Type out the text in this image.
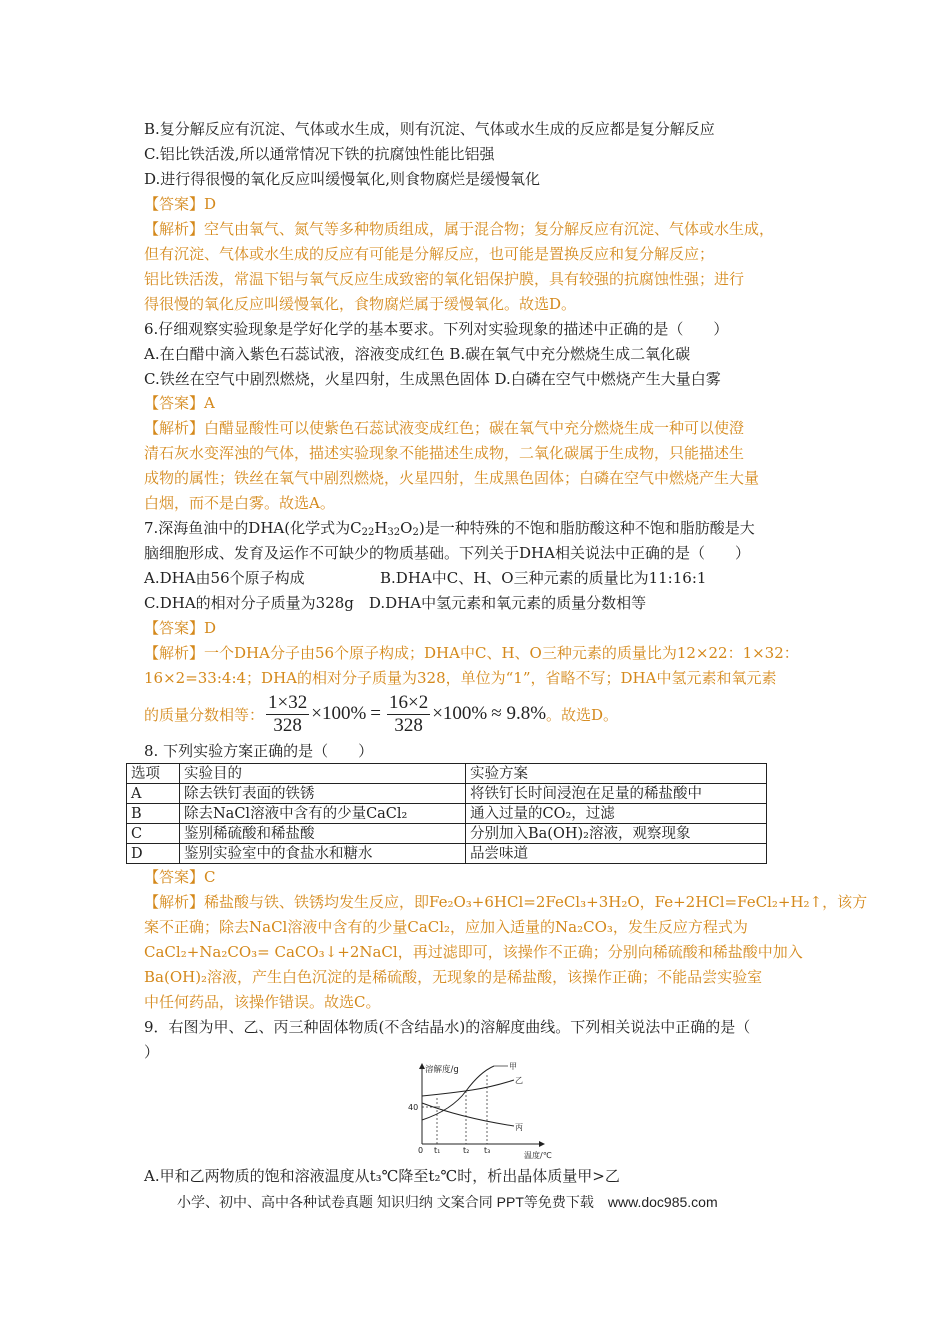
B.复分解反应有沉淀、气体或水生成，则有沉淀、气体或水生成的反应都是复分解反应
C.铝比铁活泼,所以通常情况下铁的抗腐蚀性能比铝强
D.进行得很慢的氧化反应叫缓慢氧化,则食物腐烂是缓慢氧化
【答案】D
【解析】空气由氧气、氮气等多种物质组成，属于混合物；复分解反应有沉淀、气体或水生成，
但有沉淀、气体或水生成的反应有可能是分解反应，也可能是置换反应和复分解反应；
铝比铁活泼，常温下铝与氧气反应生成致密的氧化铝保护膜，具有较强的抗腐蚀性强；进行
得很慢的氧化反应叫缓慢氧化，食物腐烂属于缓慢氧化。故选D。
6.仔细观察实验现象是学好化学的基本要求。下列对实验现象的描述中正确的是（　　）
A.在白醋中滴入紫色石蕊试液，溶液变成红色 B.碳在氧气中充分燃烧生成二氧化碳
C.铁丝在空气中剧烈燃烧，火星四射，生成黑色固体 D.白磷在空气中燃烧产生大量白雾
【答案】A
【解析】白醋显酸性可以使紫色石蕊试液变成红色；碳在氧气中充分燃烧生成一种可以使澄
清石灰水变浑浊的气体，描述实验现象不能描述生成物，二氧化碳属于生成物，只能描述生
成物的属性；铁丝在氧气中剧烈燃烧，火星四射，生成黑色固体；白磷在空气中燃烧产生大量
白烟，而不是白雾。故选A。
7.深海鱼油中的DHA(化学式为$C_{22}H_{32}O_2$)是一种特殊的不饱和脂肪酸这种不饱和脂肪酸是大
脑细胞形成、发育及运作不可缺少的物质基础。下列关于DHA相关说法中正确的是（　　）
A.DHA由56个原子构成	B.DHA中C、H、O三种元素的质量比为11:16:1
C.DHA的相对分子质量为328g　D.DHA中氢元素和氧元素的质量分数相等
【答案】D
【解析】一个DHA分子由56个原子构成；DHA中C、H、O三种元素的质量比为12×22：1×32：
16×2=33:4:4；DHA的相对分子质量为328，单位为“1”，省略不写；DHA中氢元素和氧元素
的质量分数相等： $\frac{1\times 32}{328} \times 100\% = \frac{16\times 2}{328} \times 100\% \approx 9.8\%$ 。故选D。
8. 下列实验方案正确的是（　　）
选项	实验目的	实验方案
A	除去铁钉表面的铁锈	将铁钉长时间浸泡在足量的稀盐酸中
B	除去NaCl溶液中含有的少量CaCl₂	通入过量的CO₂，过滤
C	鉴别稀硫酸和稀盐酸	分别加入Ba(OH)₂溶液，观察现象
D	鉴别实验室中的食盐水和糖水	品尝味道
【答案】C
【解析】稀盐酸与铁、铁锈均发生反应，即Fe₂O₃+6HCl=2FeCl₃+3H₂O，Fe+2HCl=FeCl₂+H₂↑，该方
案不正确；除去NaCl溶液中含有的少量CaCl₂，应加入适量的Na₂CO₃，发生反应方程式为
CaCl₂+Na₂CO₃= CaCO₃↓+2NaCl，再过滤即可，该操作不正确；分别向稀硫酸和稀盐酸中加入
Ba(OH)₂溶液，产生白色沉淀的是稀硫酸，无现象的是稀盐酸，该操作正确；不能品尝实验室
中任何药品，该操作错误。故选C。
9．右图为甲、乙、丙三种固体物质(不含结晶水)的溶解度曲线。下列相关说法中正确的是（
）
溶解度/g
温度/℃
0
40
t₁	t₂ t₃
甲
乙
丙
A.甲和乙两物质的饱和溶液温度从t₃℃降至t₂℃时，析出晶体质量甲>乙
小学、初中、高中各种试卷真题 知识归纳 文案合同 PPT等免费下载　www.doc985.com
